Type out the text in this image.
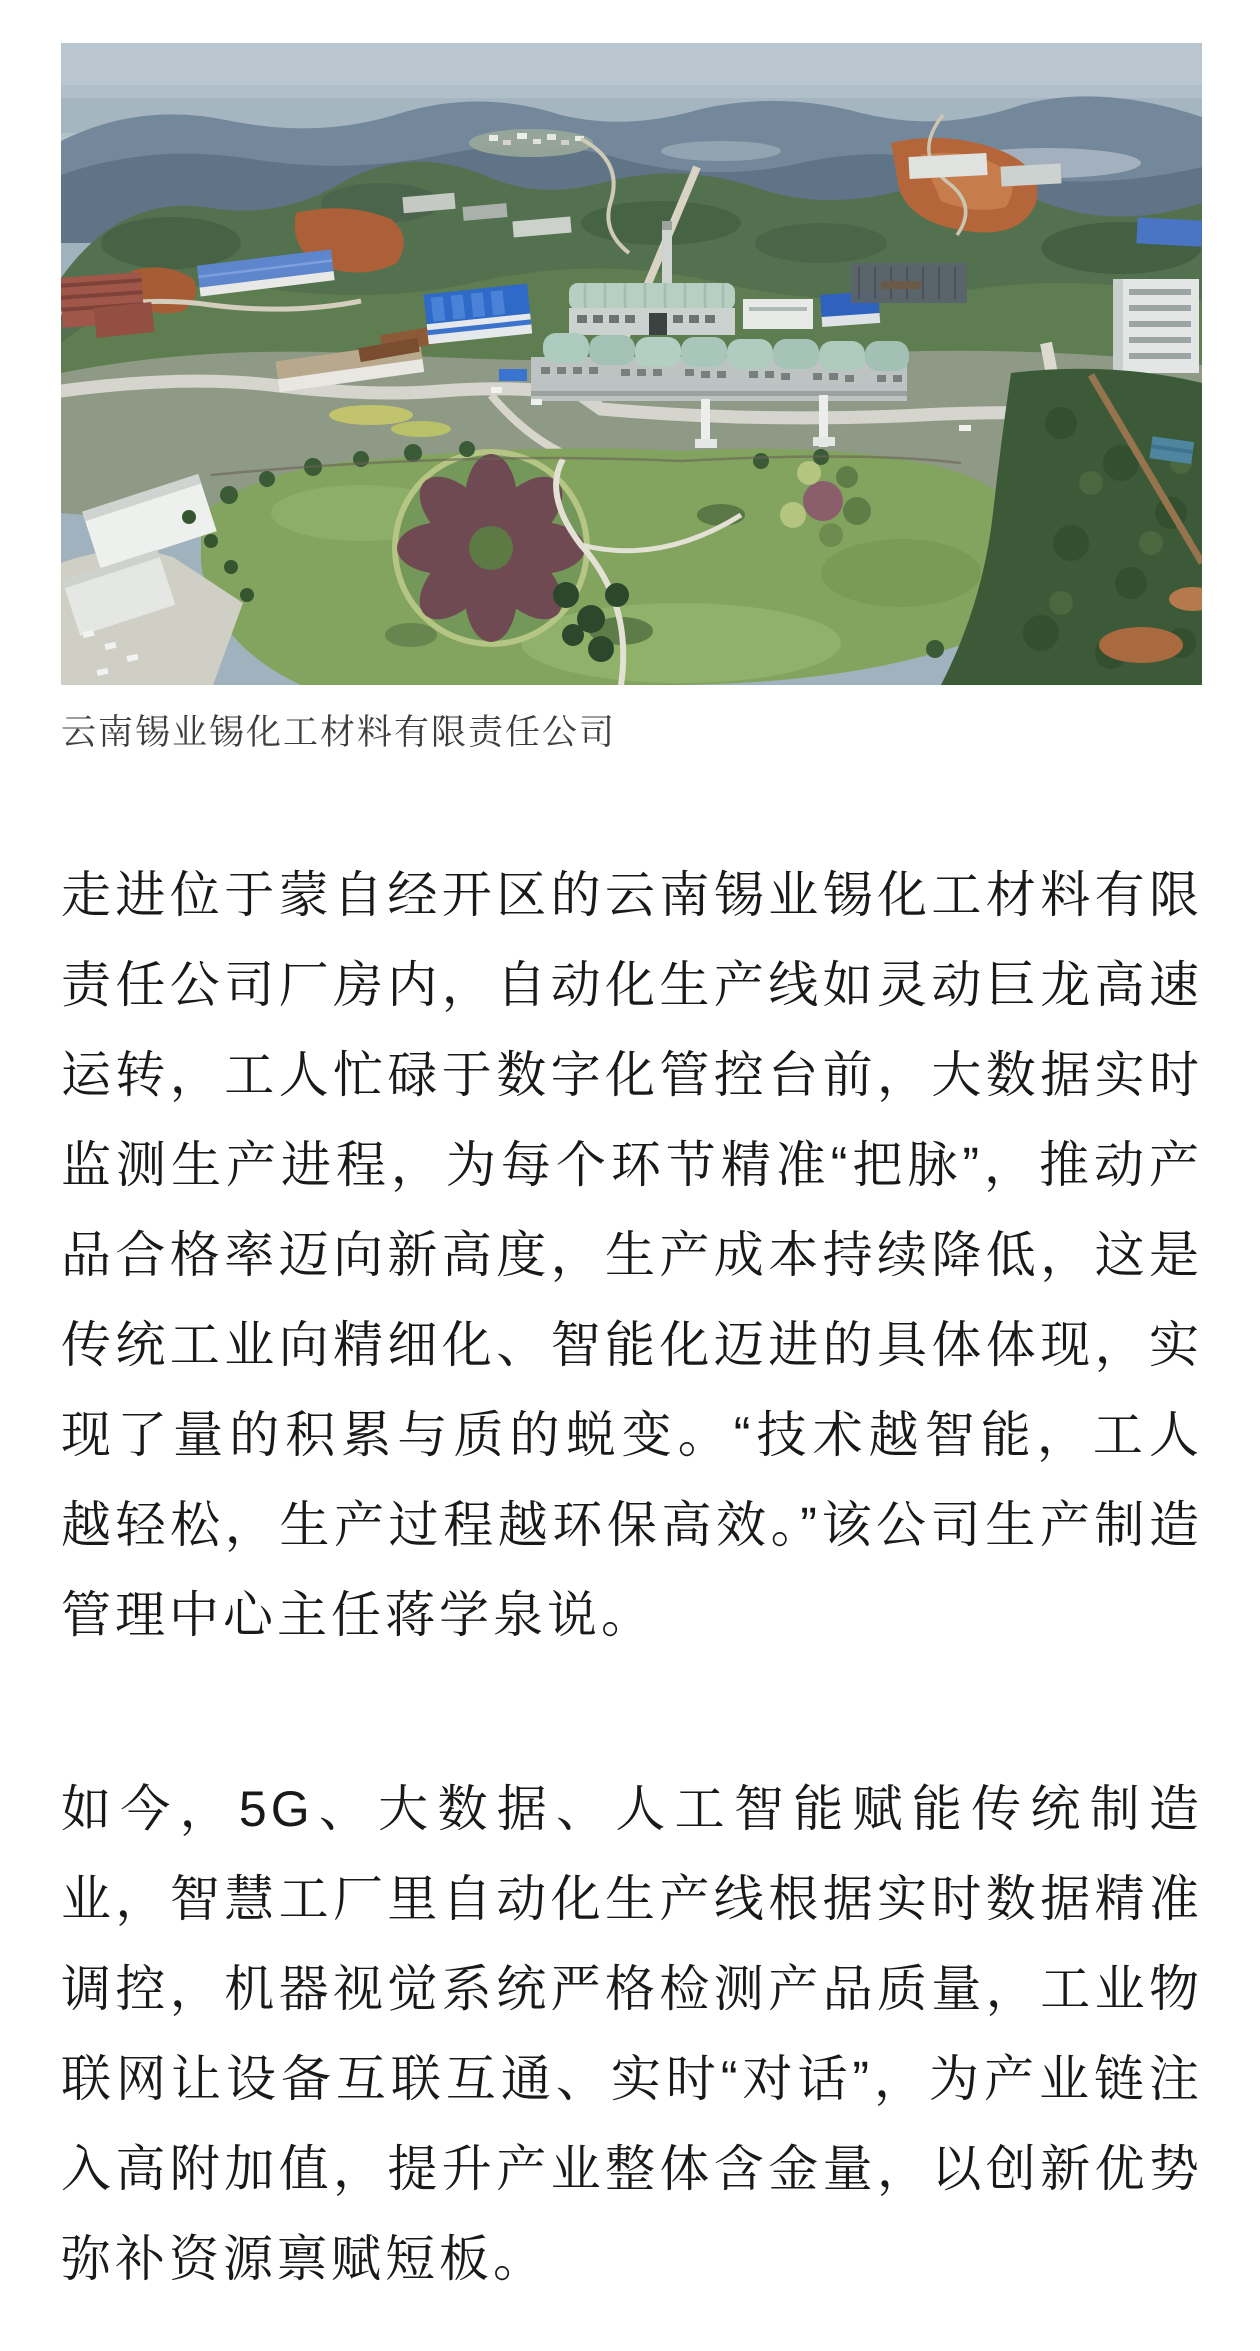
云南锡业锡化工材料有限责任公司

走进位于蒙自经开区的云南锡业锡化工材料有限责任公司厂房内，自动化生产线如灵动巨龙高速运转，工人忙碌于数字化管控台前，大数据实时监测生产进程，为每个环节精准“把脉”，推动产品合格率迈向新高度，生产成本持续降低，这是传统工业向精细化、智能化迈进的具体体现，实现了量的积累与质的蜕变。“技术越智能，工人越轻松，生产过程越环保高效。”该公司生产制造管理中心主任蒋学泉说。

如今，5G、大数据、人工智能赋能传统制造业，智慧工厂里自动化生产线根据实时数据精准调控，机器视觉系统严格检测产品质量，工业物联网让设备互联互通、实时“对话”，为产业链注入高附加值，提升产业整体含金量，以创新优势弥补资源禀赋短板。
